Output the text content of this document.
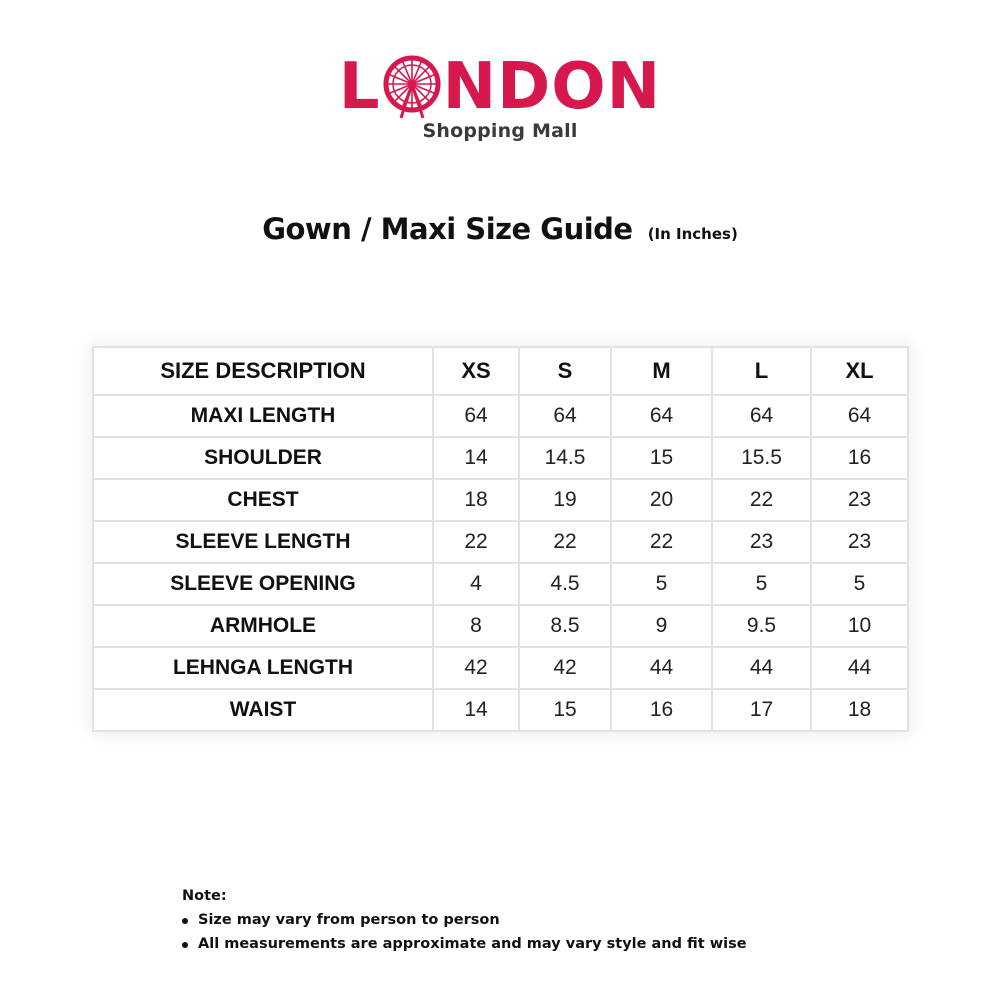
L NDON
Shopping Mall
Gown / Maxi Size Guide (In Inches)
SIZE DESCRIPTION	XS	S	M	L	XL
MAXI LENGTH	64	64	64	64	64
SHOULDER	14	14.5	15	15.5	16
CHEST	18	19	20	22	23
SLEEVE LENGTH	22	22	22	23	23
SLEEVE OPENING	4	4.5	5	5	5
ARMHOLE	8	8.5	9	9.5	10
LEHNGA LENGTH	42	42	44	44	44
WAIST	14	15	16	17	18
Note:
Size may vary from person to person
All measurements are approximate and may vary style and fit wise
